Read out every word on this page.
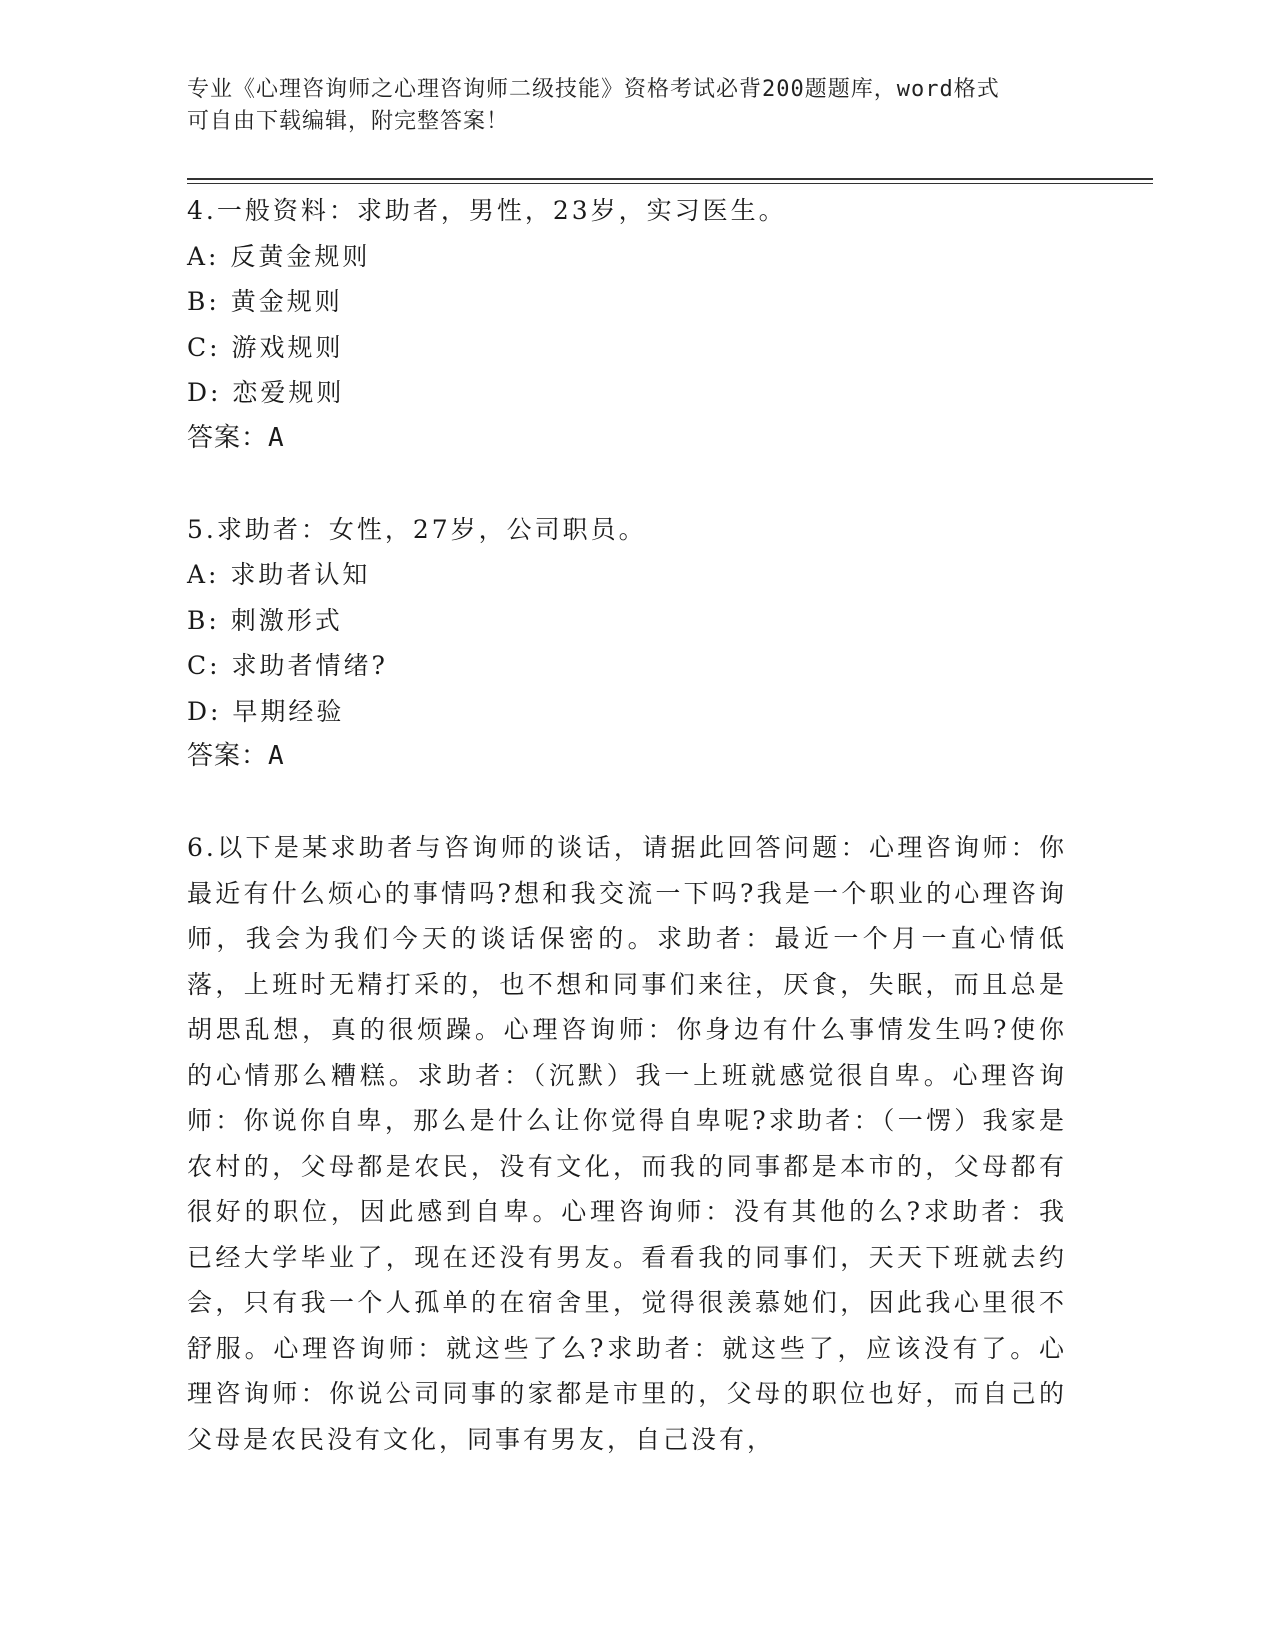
专业《心理咨询师之心理咨询师二级技能》资格考试必背200题题库，word格式
可自由下载编辑，附完整答案！
4.一般资料：求助者，男性，23岁，实习医生。
A: 反黄金规则
B: 黄金规则
C: 游戏规则
D: 恋爱规则
答案：A
5.求助者：女性，27岁，公司职员。
A: 求助者认知
B: 刺激形式
C: 求助者情绪?
D: 早期经验
答案：A

6.以下是某求助者与咨询师的谈话，请据此回答问题：心理咨询师：你最近有什么烦心的事情吗?想和我交流一下吗?我是一个职业的心理咨询师，我会为我们今天的谈话保密的。求助者：最近一个月一直心情低落，上班时无精打采的，也不想和同事们来往，厌食，失眠，而且总是胡思乱想，真的很烦躁。心理咨询师：你身边有什么事情发生吗?使你的心情那么糟糕。求助者：（沉默）我一上班就感觉很自卑。心理咨询师：你说你自卑，那么是什么让你觉得自卑呢?求助者：（一愣）我家是农村的，父母都是农民，没有文化，而我的同事都是本市的，父母都有很好的职位，因此感到自卑。心理咨询师：没有其他的么?求助者：我已经大学毕业了，现在还没有男友。看看我的同事们，天天下班就去约会，只有我一个人孤单的在宿舍里，觉得很羡慕她们，因此我心里很不舒服。心理咨询师：就这些了么?求助者：就这些了，应该没有了。心理咨询师：你说公司同事的家都是市里的，父母的职位也好，而自己的父母是农民没有文化，同事有男友，自己没有，
